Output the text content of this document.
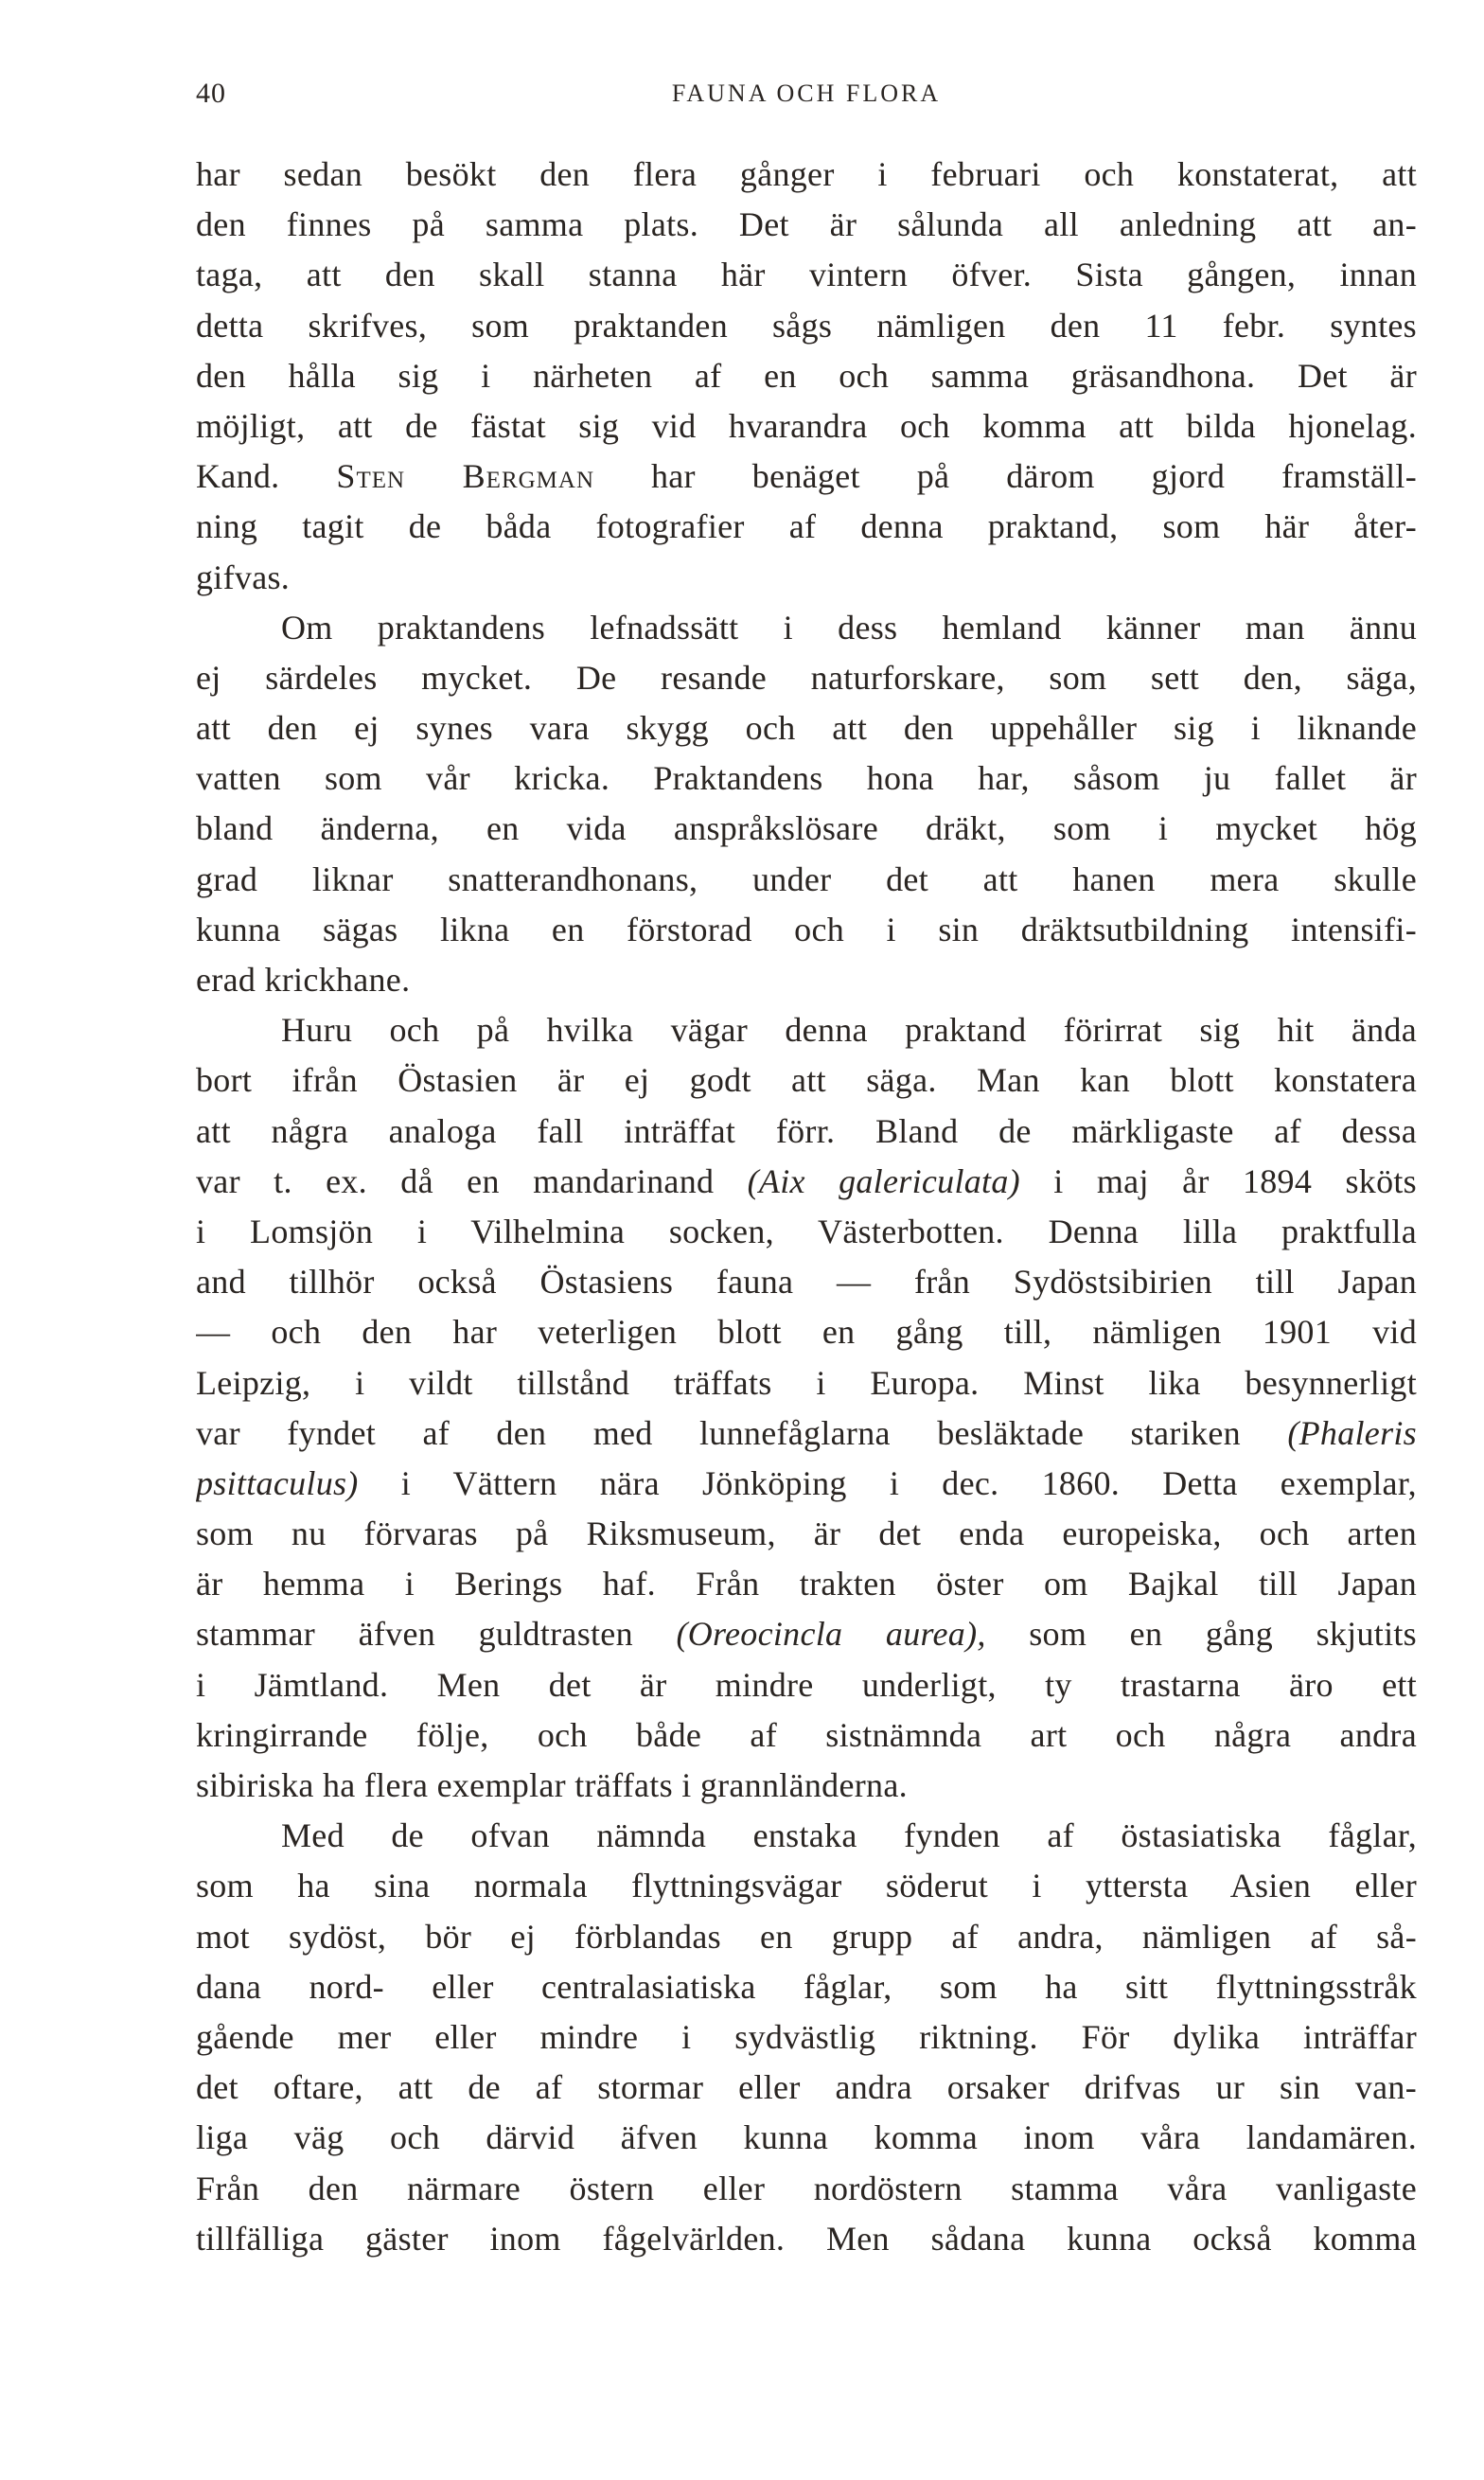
40	FAUNA OCH FLORA
har sedan besökt den flera gånger i februari och konstaterat, att
den finnes på samma plats. Det är sålunda all anledning att an-
taga, att den skall stanna här vintern öfver. Sista gången, innan
detta skrifves, som praktanden sågs nämligen den 11 febr. syntes
den hålla sig i närheten af en och samma gräsandhona. Det är
möjligt, att de fästat sig vid hvarandra och komma att bilda hjonelag.
Kand. Sten Bergman har benäget på därom gjord framställ-
ning tagit de båda fotografier af denna praktand, som här åter-
gifvas.
Om praktandens lefnadssätt i dess hemland känner man ännu
ej särdeles mycket. De resande naturforskare, som sett den, säga,
att den ej synes vara skygg och att den uppehåller sig i liknande
vatten som vår kricka. Praktandens hona har, såsom ju fallet är
bland änderna, en vida anspråkslösare dräkt, som i mycket hög
grad liknar snatterandhonans, under det att hanen mera skulle
kunna sägas likna en förstorad och i sin dräktsutbildning intensifi-
erad krickhane.
Huru och på hvilka vägar denna praktand förirrat sig hit ända
bort ifrån Östasien är ej godt att säga. Man kan blott konstatera
att några analoga fall inträffat förr. Bland de märkligaste af dessa
var t. ex. då en mandarinand (Aix galericulata) i maj år 1894 sköts
i Lomsjön i Vilhelmina socken, Västerbotten. Denna lilla praktfulla
and tillhör också Östasiens fauna — från Sydöstsibirien till Japan
— och den har veterligen blott en gång till, nämligen 1901 vid
Leipzig, i vildt tillstånd träffats i Europa. Minst lika besynnerligt
var fyndet af den med lunnefåglarna besläktade stariken (Phaleris
psittaculus) i Vättern nära Jönköping i dec. 1860. Detta exemplar,
som nu förvaras på Riksmuseum, är det enda europeiska, och arten
är hemma i Berings haf. Från trakten öster om Bajkal till Japan
stammar äfven guldtrasten (Oreocincla aurea), som en gång skjutits
i Jämtland. Men det är mindre underligt, ty trastarna äro ett
kringirrande följe, och både af sistnämnda art och några andra
sibiriska ha flera exemplar träffats i grannländerna.
Med de ofvan nämnda enstaka fynden af östasiatiska fåglar,
som ha sina normala flyttningsvägar söderut i yttersta Asien eller
mot sydöst, bör ej förblandas en grupp af andra, nämligen af så-
dana nord- eller centralasiatiska fåglar, som ha sitt flyttningsstråk
gående mer eller mindre i sydvästlig riktning. För dylika inträffar
det oftare, att de af stormar eller andra orsaker drifvas ur sin van-
liga väg och därvid äfven kunna komma inom våra landamären.
Från den närmare östern eller nordöstern stamma våra vanligaste
tillfälliga gäster inom fågelvärlden. Men sådana kunna också komma
